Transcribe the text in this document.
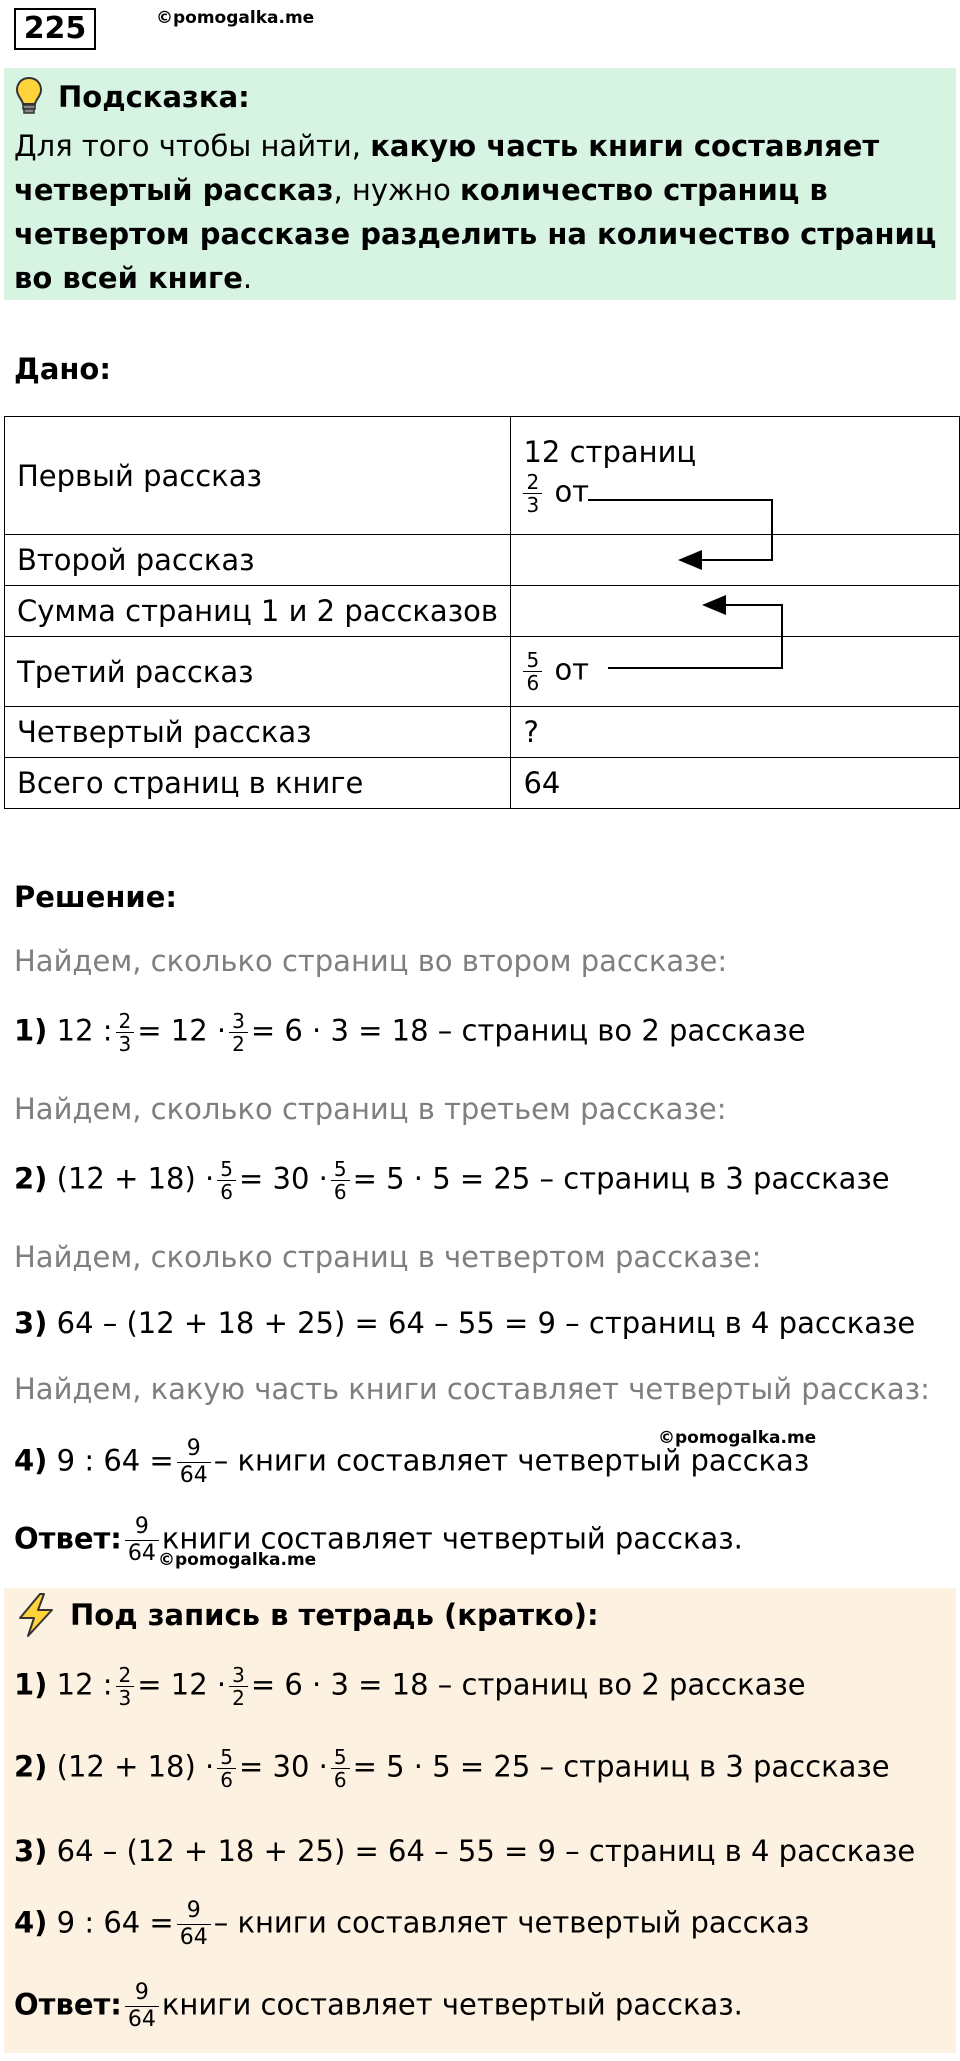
225	©pomogalka.me
Подсказка:
Для того чтобы найти, какую часть книги составляет четвертый рассказ, нужно количество страниц в четвертом рассказе разделить на количество страниц во всей книге.
Дано:
Первый рассказ	12 страниц
$\frac{2}{3}$ от

Второй рассказ	
Сумма страниц 1 и 2 рассказов	
Третий рассказ	$\frac{5}{6}$ от
Четвертый рассказ	?
Всего страниц в книге	64
Решение:
Найдем, сколько страниц во втором рассказе:
1) 12 : $\frac{2}{3} = 12 \cdot \frac{3}{2} = 6 \cdot 3 = 18$ – страниц во 2 рассказе
Найдем, сколько страниц в третьем рассказе:
2) $(12 + 18) \cdot \frac{5}{6} = 30 \cdot \frac{5}{6} = 5 \cdot 5 = 25$ – страниц в 3 рассказе
Найдем, сколько страниц в четвертом рассказе:
3) 64 – (12 + 18 + 25) = 64 – 55 = 9 – страниц в 4 рассказе
Найдем, какую часть книги составляет четвертый рассказ:
4) 9 : $64 = \frac{9}{64}$ – книги составляет четвертый рассказ
©pomogalka.me
Ответ: $\frac{9}{64}$ книги составляет четвертый рассказ.
©pomogalka.me
Под запись в тетрадь (кратко):
1) 12 : $\frac{2}{3} = 12 \cdot \frac{3}{2} = 6 \cdot 3 = 18$ – страниц во 2 рассказе
2) $(12 + 18) \cdot \frac{5}{6} = 30 \cdot \frac{5}{6} = 5 \cdot 5 = 25$ – страниц в 3 рассказе
3) 64 – (12 + 18 + 25) = 64 – 55 = 9 – страниц в 4 рассказе
4) 9 : $64 = \frac{9}{64}$ – книги составляет четвертый рассказ
Ответ: $\frac{9}{64}$ книги составляет четвертый рассказ.
